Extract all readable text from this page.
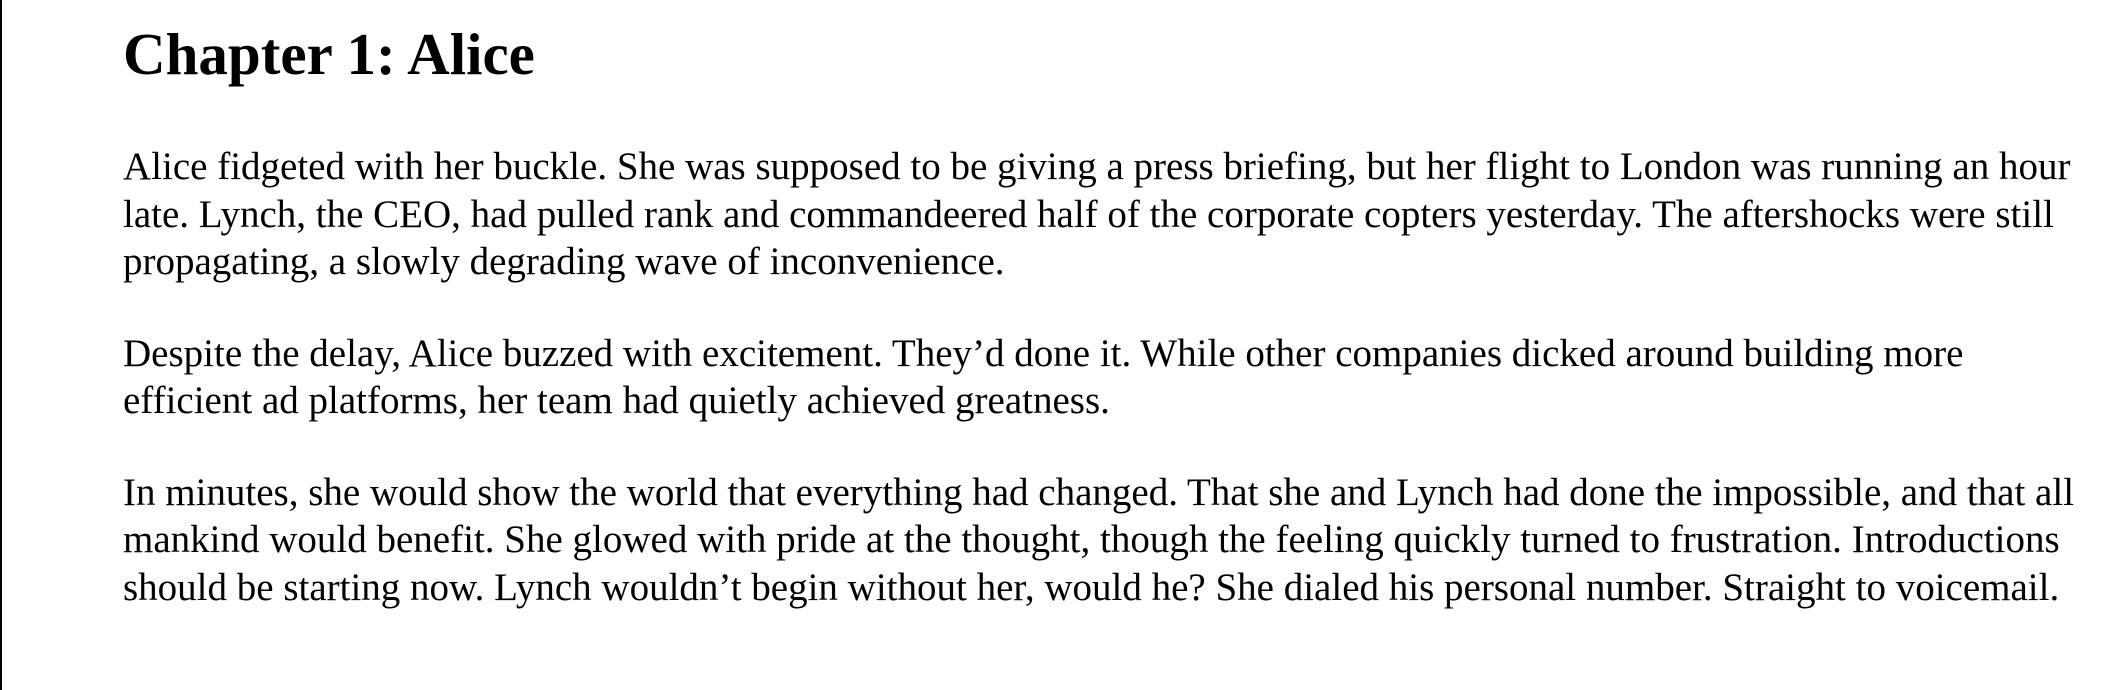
Chapter 1: Alice

Alice fidgeted with her buckle. She was supposed to be giving a press briefing, but her flight to London was running an hour late. Lynch, the CEO, had pulled rank and commandeered half of the corporate copters yesterday. The aftershocks were still propagating, a slowly degrading wave of inconvenience.

Despite the delay, Alice buzzed with excitement. They’d done it. While other companies dicked around building more efficient ad platforms, her team had quietly achieved greatness.

In minutes, she would show the world that everything had changed. That she and Lynch had done the impossible, and that all mankind would benefit. She glowed with pride at the thought, though the feeling quickly turned to frustration. Introductions should be starting now. Lynch wouldn’t begin without her, would he? She dialed his personal number. Straight to voicemail.
